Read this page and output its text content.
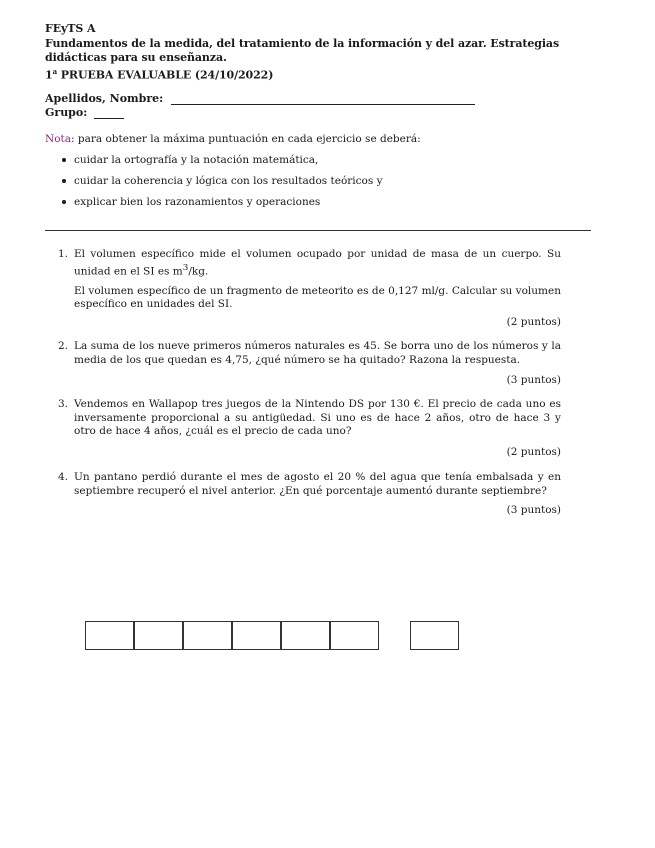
FEyTS A
Fundamentos de la medida, del tratamiento de la información y del azar. Estrategias didácticas para su enseñanza.
1$^a$ PRUEBA EVALUABLE (24/10/2022)
Apellidos, Nombre:
Grupo:
Nota: para obtener la máxima puntuación en cada ejercicio se deberá:
cuidar la ortografía y la notación matemática,
cuidar la coherencia y lógica con los resultados teóricos y
explicar bien los razonamientos y operaciones
1. El volumen específico mide el volumen ocupado por unidad de masa de un cuerpo. Su unidad en el SI es $m^3/kg$.

El volumen específico de un fragmento de meteorito es de 0,127 ml/g. Calcular su volumen específico en unidades del SI.

(2 puntos)
2. La suma de los nueve primeros números naturales es 45. Se borra uno de los números y la media de los que quedan es 4,75, ¿qué número se ha quitado? Razona la respuesta.

(3 puntos)
3. Vendemos en Wallapop tres juegos de la Nintendo DS por 130 €. El precio de cada uno es inversamente proporcional a su antigüedad. Si uno es de hace 2 años, otro de hace 3 y otro de hace 4 años, ¿cuál es el precio de cada uno?

(2 puntos)
4. Un pantano perdió durante el mes de agosto el 20 % del agua que tenía embalsada y en septiembre recuperó el nivel anterior. ¿En qué porcentaje aumentó durante septiembre?

(3 puntos)
